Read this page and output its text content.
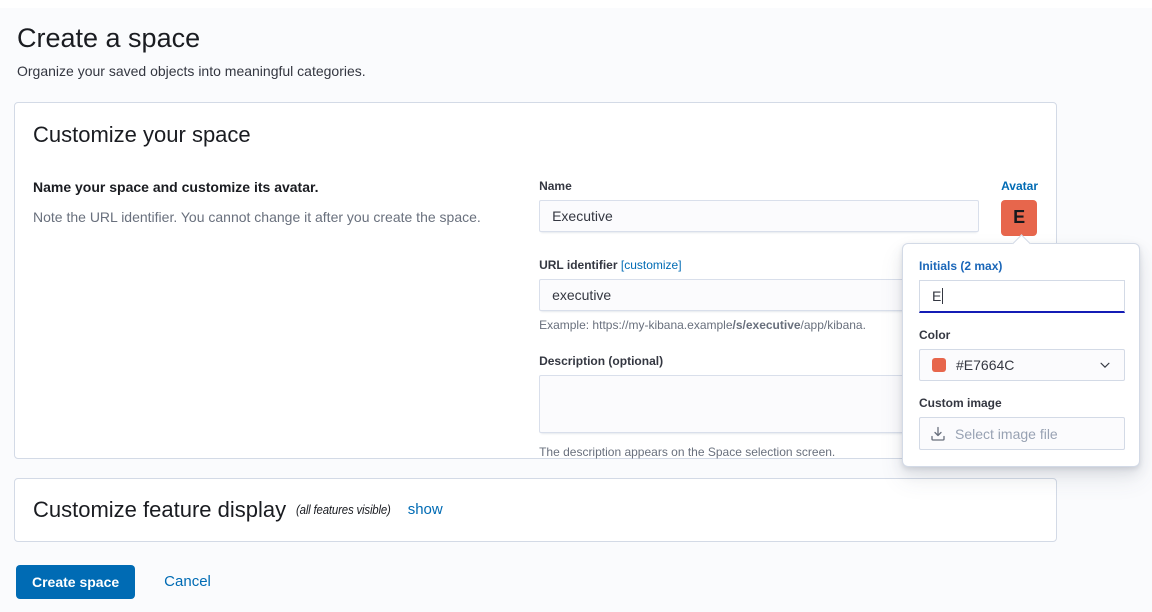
Create a space
Organize your saved objects into meaningful categories.
Customize your space
Name your space and customize its avatar.
Note the URL identifier. You cannot change it after you create the space.
Name
Executive	Avatar
E
URL identifier [customize]
executive
Example: https://my-kibana.example/s/executive/app/kibana.
Description (optional)
The description appears on the Space selection screen.
Initials (2 max)
E
Color
#E7664C
Custom image
Select image file
Customize feature display (all features visible) show
Create space	Cancel
